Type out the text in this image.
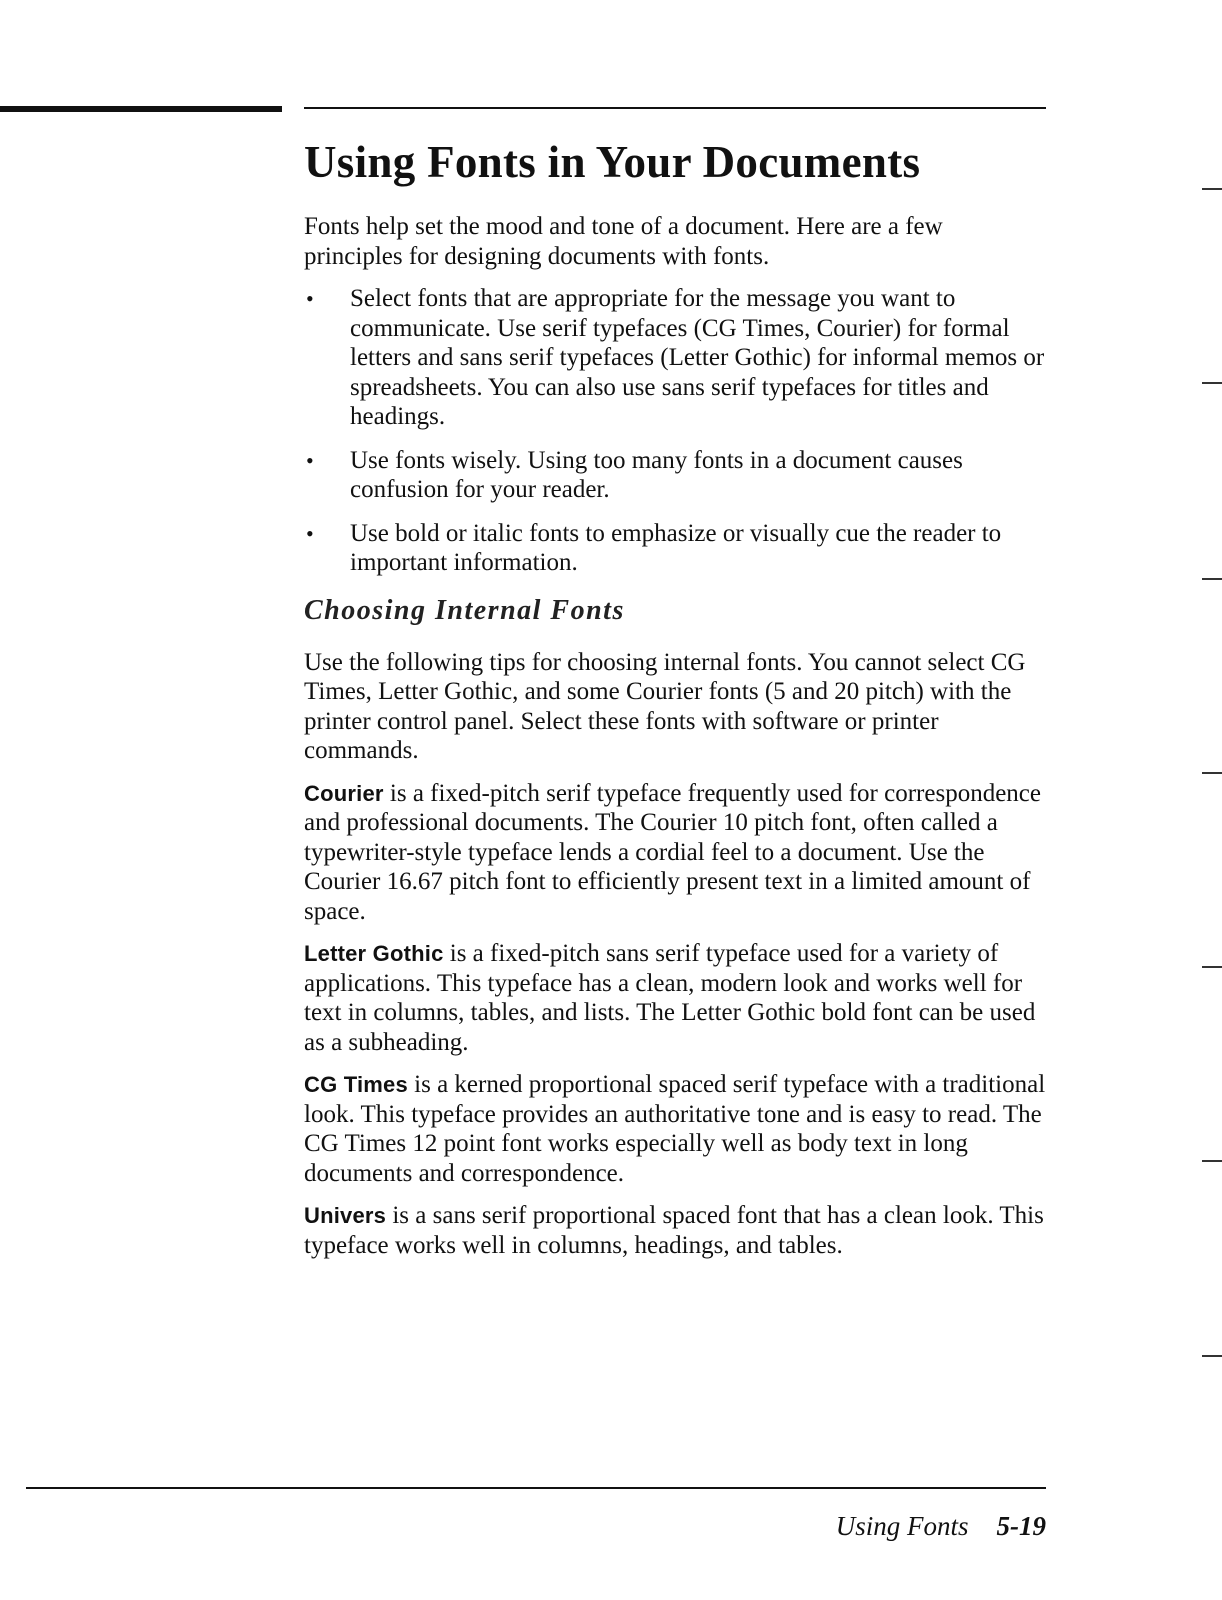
Using Fonts in Your Documents

Fonts help set the mood and tone of a document. Here are a few principles for designing documents with fonts.

• Select fonts that are appropriate for the message you want to communicate. Use serif typefaces (CG Times, Courier) for formal letters and sans serif typefaces (Letter Gothic) for informal memos or spreadsheets. You can also use sans serif typefaces for titles and headings.
• Use fonts wisely. Using too many fonts in a document causes confusion for your reader.
• Use bold or italic fonts to emphasize or visually cue the reader to important information.
Choosing Internal Fonts

Use the following tips for choosing internal fonts. You cannot select CG Times, Letter Gothic, and some Courier fonts (5 and 20 pitch) with the printer control panel. Select these fonts with software or printer commands.

Courier is a fixed-pitch serif typeface frequently used for correspondence and professional documents. The Courier 10 pitch font, often called a typewriter-style typeface lends a cordial feel to a document. Use the Courier 16.67 pitch font to efficiently present text in a limited amount of space.

Letter Gothic is a fixed-pitch sans serif typeface used for a variety of applications. This typeface has a clean, modern look and works well for text in columns, tables, and lists. The Letter Gothic bold font can be used as a subheading.

CG Times is a kerned proportional spaced serif typeface with a traditional look. This typeface provides an authoritative tone and is easy to read. The CG Times 12 point font works especially well as body text in long documents and correspondence.

Univers is a sans serif proportional spaced font that has a clean look. This typeface works well in columns, headings, and tables.

Using Fonts 5-19
